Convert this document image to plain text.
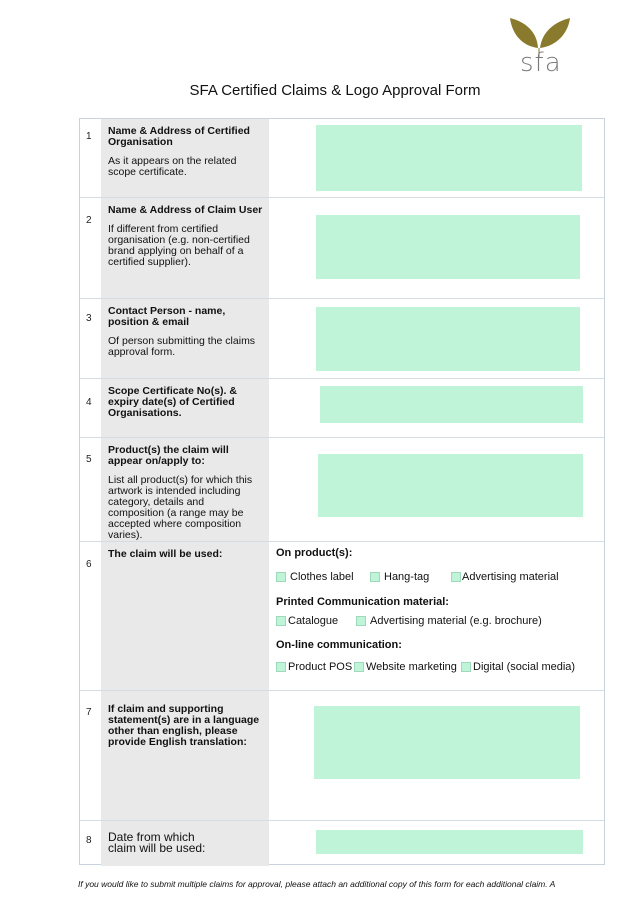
sfa
SFA Certified Claims & Logo Approval Form
1 Name & Address of Certified Organisation
As it appears on the related scope certificate.
2
Name & Address of Claim User
If different from certified organisation (e.g. non-certified brand applying on behalf of a certified supplier).
3
Contact Person - name, position & email
Of person submitting the claims approval form.
4
Scope Certificate No(s). & expiry date(s) of Certified Organisations.
5
Product(s) the claim will appear on/apply to:
List all product(s) for which this artwork is intended including category, details and composition (a range may be accepted where composition varies).
6
The claim will be used:	On product(s):
Clothes label	Hang-tag	Advertising material
Printed Communication material:
Catalogue	Advertising material (e.g. brochure)
On-line communication:
Product POS Website marketing Digital (social media)
7 If claim and supporting statement(s) are in a language other than english, please provide English translation:
8 Date from which claim will be used:
If you would like to submit multiple claims for approval, please attach an additional copy of this form for each additional claim. A
